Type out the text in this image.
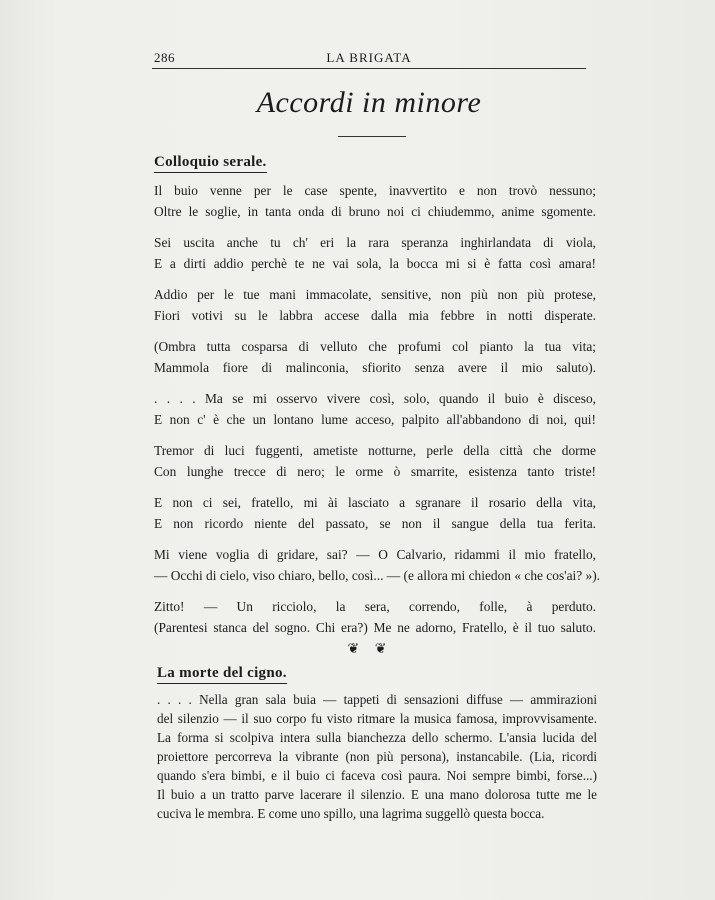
286	LA BRIGATA
Accordi in minore
Colloquio serale.
Il buio venne per le case spente, inavvertito e non trovò nessuno;
Oltre le soglie, in tanta onda di bruno noi ci chiudemmo, anime sgomente.
Sei uscita anche tu ch' eri la rara speranza inghirlandata di viola,
E a dirti addio perchè te ne vai sola, la bocca mi si è fatta così amara!
Addio per le tue mani immacolate, sensitive, non più non più protese,
Fiori votivi su le labbra accese dalla mia febbre in notti disperate.
(Ombra tutta cosparsa di velluto che profumi col pianto la tua vita;
Mammola fiore di malinconia, sfiorito senza avere il mio saluto).
. . . . Ma se mi osservo vivere così, solo, quando il buio è disceso,
E non c' è che un lontano lume acceso, palpito all'abbandono di noi, qui!
Tremor di luci fuggenti, ametiste notturne, perle della città che dorme
Con lunghe trecce di nero; le orme ò smarrite, esistenza tanto triste!
E non ci sei, fratello, mi ài lasciato a sgranare il rosario della vita,
E non ricordo niente del passato, se non il sangue della tua ferita.
Mi viene voglia di gridare, sai? — O Calvario, ridammi il mio fratello,
— Occhi di cielo, viso chiaro, bello, così... — (e allora mi chiedon « che cos'ai? »).
Zitto! — Un ricciolo, la sera, correndo, folle, à perduto.
(Parentesi stanca del sogno. Chi era?) Me ne adorno, Fratello, è il tuo saluto.
❦ ❦
La morte del cigno.
. . . . Nella gran sala buia — tappeti di sensazioni diffuse — ammirazioni
del silenzio — il suo corpo fu visto ritmare la musica famosa, improvvisamente.
La forma si scolpiva intera sulla bianchezza dello schermo. L'ansia lucida del
proiettore percorreva la vibrante (non più persona), instancabile. (Lia, ricordi
quando s'era bimbi, e il buio ci faceva così paura. Noi sempre bimbi, forse...)
Il buio a un tratto parve lacerare il silenzio. E una mano dolorosa tutte me le
cuciva le membra. E come uno spillo, una lagrima suggellò questa bocca.
